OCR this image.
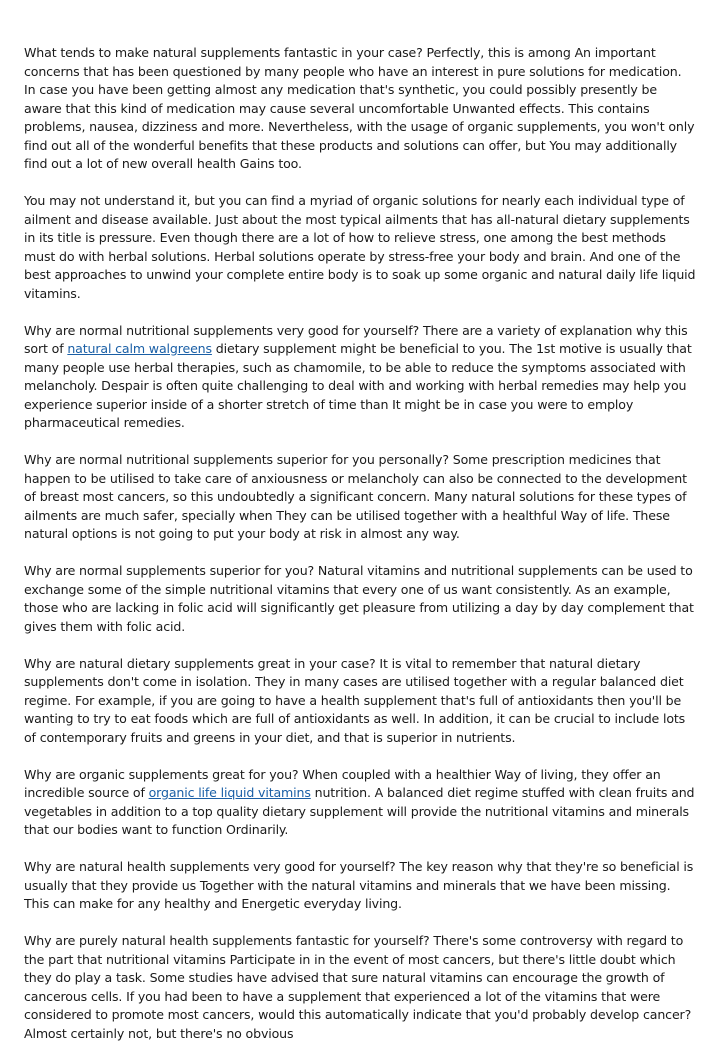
What tends to make natural supplements fantastic in your case? Perfectly, this is among An important concerns that has been questioned by many people who have an interest in pure solutions for medication. In case you have been getting almost any medication that's synthetic, you could possibly presently be aware that this kind of medication may cause several uncomfortable Unwanted effects. This contains problems, nausea, dizziness and more. Nevertheless, with the usage of organic supplements, you won't only find out all of the wonderful benefits that these products and solutions can offer, but You may additionally find out a lot of new overall health Gains too.

You may not understand it, but you can find a myriad of organic solutions for nearly each individual type of ailment and disease available. Just about the most typical ailments that has all-natural dietary supplements in its title is pressure. Even though there are a lot of how to relieve stress, one among the best methods must do with herbal solutions. Herbal solutions operate by stress-free your body and brain. And one of the best approaches to unwind your complete entire body is to soak up some organic and natural daily life liquid vitamins.

Why are normal nutritional supplements very good for yourself? There are a variety of explanation why this sort of natural calm walgreens dietary supplement might be beneficial to you. The 1st motive is usually that many people use herbal therapies, such as chamomile, to be able to reduce the symptoms associated with melancholy. Despair is often quite challenging to deal with and working with herbal remedies may help you experience superior inside of a shorter stretch of time than It might be in case you were to employ pharmaceutical remedies.

Why are normal nutritional supplements superior for you personally? Some prescription medicines that happen to be utilised to take care of anxiousness or melancholy can also be connected to the development of breast most cancers, so this undoubtedly a significant concern. Many natural solutions for these types of ailments are much safer, specially when They can be utilised together with a healthful Way of life. These natural options is not going to put your body at risk in almost any way.

Why are normal supplements superior for you? Natural vitamins and nutritional supplements can be used to exchange some of the simple nutritional vitamins that every one of us want consistently. As an example, those who are lacking in folic acid will significantly get pleasure from utilizing a day by day complement that gives them with folic acid.

Why are natural dietary supplements great in your case? It is vital to remember that natural dietary supplements don't come in isolation. They in many cases are utilised together with a regular balanced diet regime. For example, if you are going to have a health supplement that's full of antioxidants then you'll be wanting to try to eat foods which are full of antioxidants as well. In addition, it can be crucial to include lots of contemporary fruits and greens in your diet, and that is superior in nutrients.

Why are organic supplements great for you? When coupled with a healthier Way of living, they offer an incredible source of organic life liquid vitamins nutrition. A balanced diet regime stuffed with clean fruits and vegetables in addition to a top quality dietary supplement will provide the nutritional vitamins and minerals that our bodies want to function Ordinarily.

Why are natural health supplements very good for yourself? The key reason why that they're so beneficial is usually that they provide us Together with the natural vitamins and minerals that we have been missing. This can make for any healthy and Energetic everyday living.

Why are purely natural health supplements fantastic for yourself? There's some controversy with regard to the part that nutritional vitamins Participate in in the event of most cancers, but there's little doubt which they do play a task. Some studies have advised that sure natural vitamins can encourage the growth of cancerous cells. If you had been to have a supplement that experienced a lot of the vitamins that were considered to promote most cancers, would this automatically indicate that you'd probably develop cancer? Almost certainly not, but there's no obvious
